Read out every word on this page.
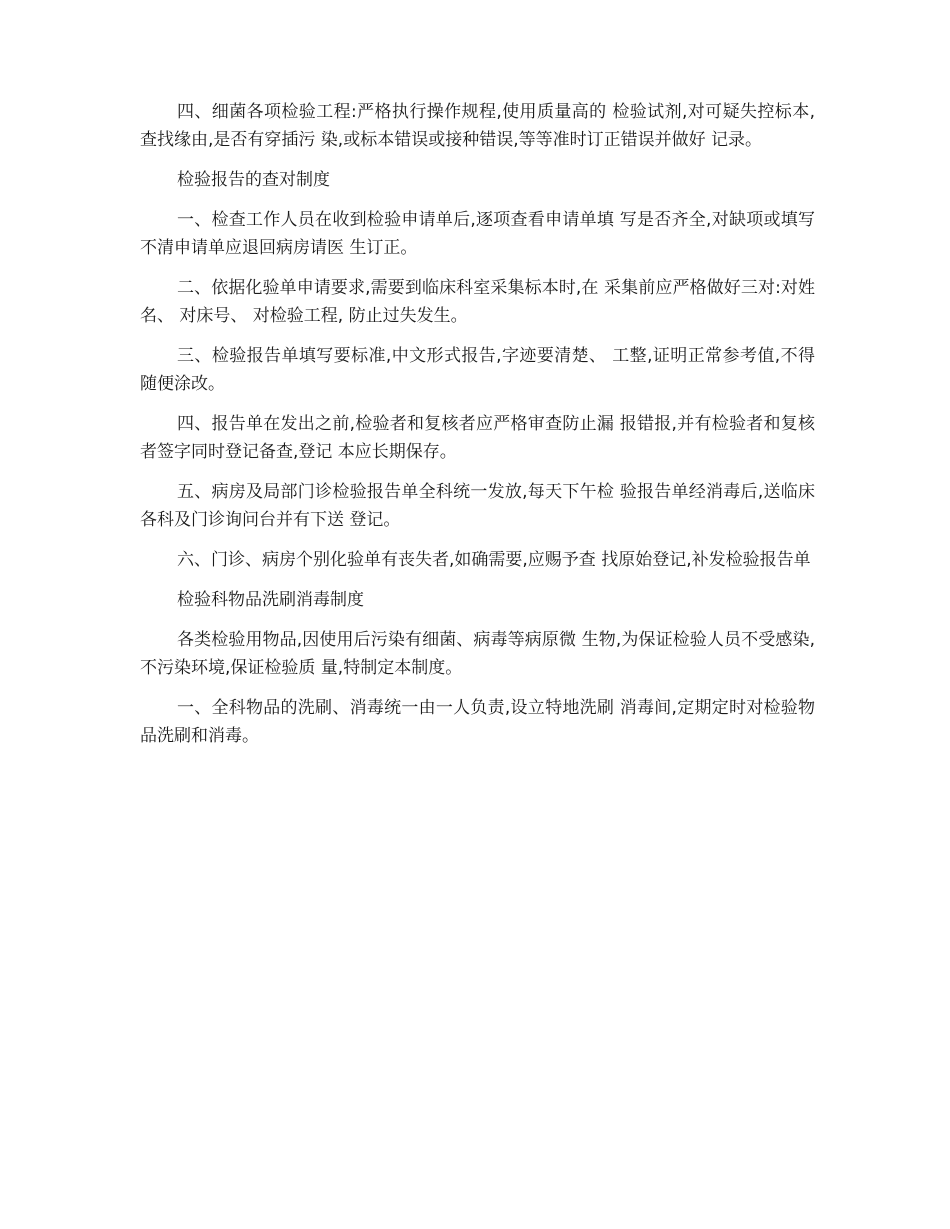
四、细菌各项检验工程:严格执行操作规程,使用质量高的 检验试剂,对可疑失控标本,查找缘由,是否有穿插污 染,或标本错误或接种错误,等等准时订正错误并做好 记录。

检验报告的查对制度

一、检查工作人员在收到检验申请单后,逐项查看申请单填 写是否齐全,对缺项或填写不清申请单应退回病房请医 生订正。

二、依据化验单申请要求,需要到临床科室采集标本时,在 采集前应严格做好三对:对姓名、 对床号、 对检验工程, 防止过失发生。

三、检验报告单填写要标准,中文形式报告,字迹要清楚、 工整,证明正常参考值,不得随便涂改。

四、报告单在发出之前,检验者和复核者应严格审查防止漏 报错报,并有检验者和复核者签字同时登记备查,登记 本应长期保存。

五、病房及局部门诊检验报告单全科统一发放,每天下午检 验报告单经消毒后,送临床各科及门诊询问台并有下送 登记。

六、门诊、病房个别化验单有丧失者,如确需要,应赐予查 找原始登记,补发检验报告单

检验科物品洗刷消毒制度

各类检验用物品,因使用后污染有细菌、病毒等病原微 生物,为保证检验人员不受感染,不污染环境,保证检验质 量,特制定本制度。

一、全科物品的洗刷、消毒统一由一人负责,设立特地洗刷 消毒间,定期定时对检验物品洗刷和消毒。
